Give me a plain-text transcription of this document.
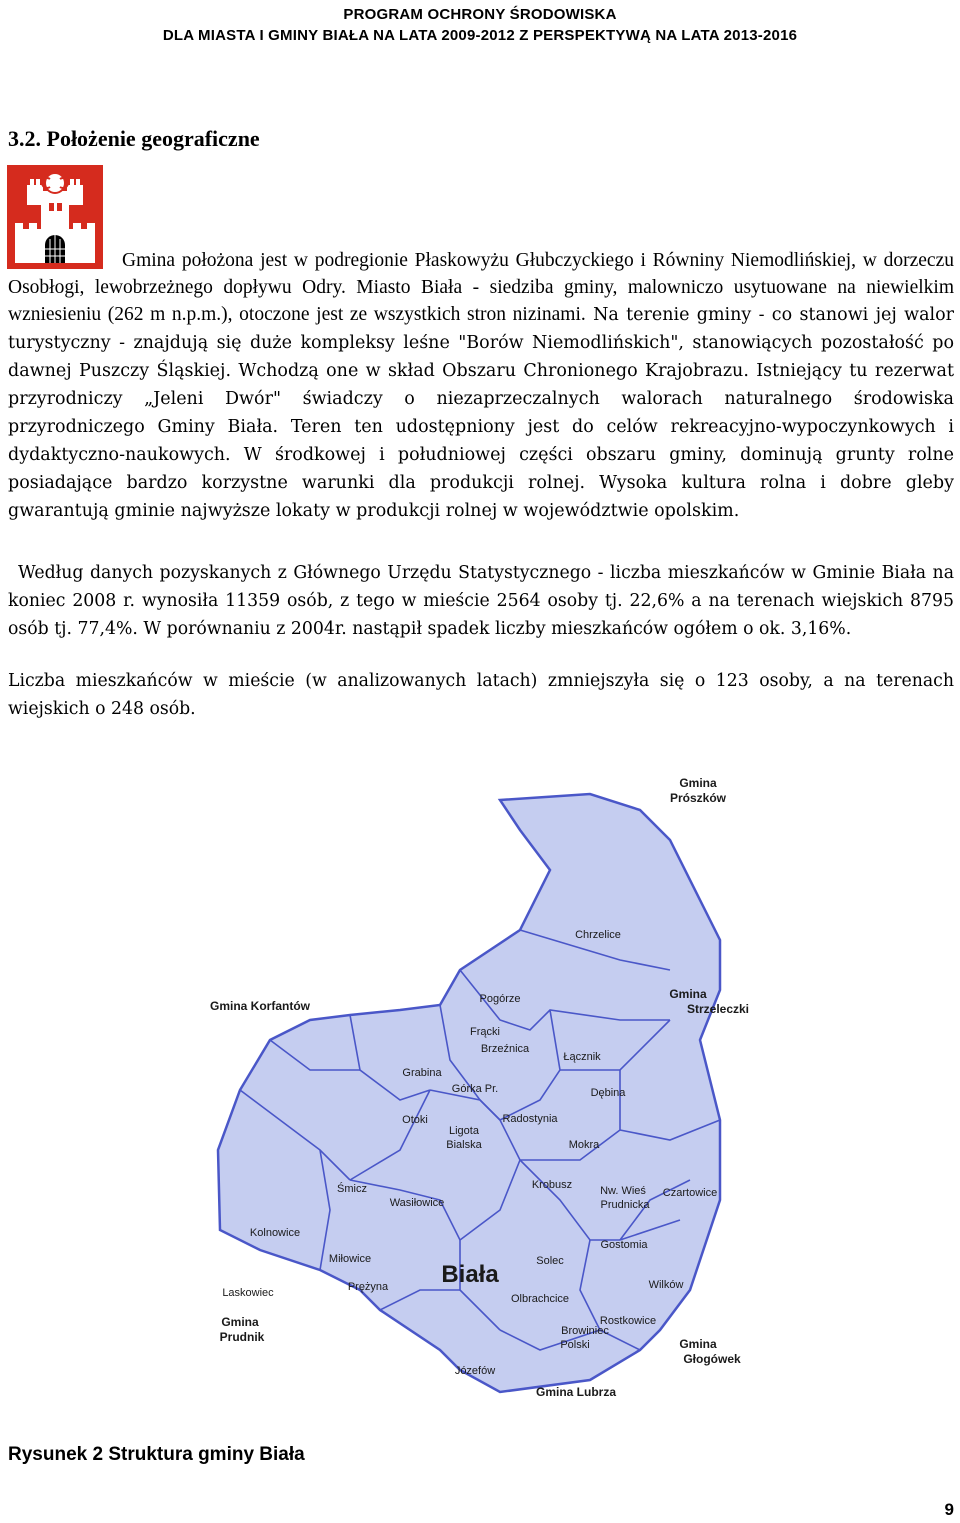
PROGRAM OCHRONY ŚRODOWISKA
DLA MIASTA I GMINY BIAŁA NA LATA 2009-2012 Z PERSPEKTYWĄ NA LATA 2013-2016
3.2. Położenie geograficzne
Gmina położona jest w podregionie Płaskowyżu Głubczyckiego i Równiny Niemodlińskiej, w dorzeczu Osobłogi, lewobrzeżnego dopływu Odry. Miasto Biała - siedziba gminy, malowniczo usytuowane na niewielkim wzniesieniu (262 m n.p.m.), otoczone jest ze wszystkich stron nizinami. Na terenie gminy - co stanowi jej walor turystyczny - znajdują się duże kompleksy leśne "Borów Niemodlińskich", stanowiących pozostałość po dawnej Puszczy Śląskiej. Wchodzą one w skład Obszaru Chronionego Krajobrazu. Istniejący tu rezerwat przyrodniczy „Jeleni Dwór" świadczy o niezaprzeczalnych walorach naturalnego środowiska przyrodniczego Gminy Biała. Teren ten udostępniony jest do celów rekreacyjno-wypoczynkowych i dydaktyczno-naukowych. W środkowej i południowej części obszaru gminy, dominują grunty rolne posiadające bardzo korzystne warunki dla produkcji rolnej. Wysoka kultura rolna i dobre gleby gwarantują gminie najwyższe lokaty w produkcji rolnej w województwie opolskim.
Według danych pozyskanych z Głównego Urzędu Statystycznego - liczba mieszkańców w Gminie Biała na koniec 2008 r. wynosiła 11359 osób, z tego w mieście 2564 osoby tj. 22,6% a na terenach wiejskich 8795 osób tj. 77,4%. W porównaniu z 2004r. nastąpił spadek liczby mieszkańców ogółem o ok. 3,16%.
Liczba mieszkańców w mieście (w analizowanych latach) zmniejszyła się o 123 osoby, a na terenach wiejskich o 248 osób.
Gmina
Prószków
Chrzelice
Gmina Korfantów
Gmina
Strzeleczki
Pogórze
Frącki
Brzeźnica
Grabina
Górka Pr.
Łącznik
Dębina
Otoki
Ligota
Bialska
Radostynia
Mokra
Śmicz
Wasiłowice
Krobusz	Nw. Wieś
Prudnicka
Czartowice
Kolnowice
Miłowice
Biała	Solec
Gostomia
Prężyna
Olbrachcice
Wilków
Laskowiec
Gmina
Prudnik
Rostkowice
Browiniec
Polski	Gmina
Głogówek
Józefów
Gmina Lubrza
Rysunek 2 Struktura gminy Biała
9
